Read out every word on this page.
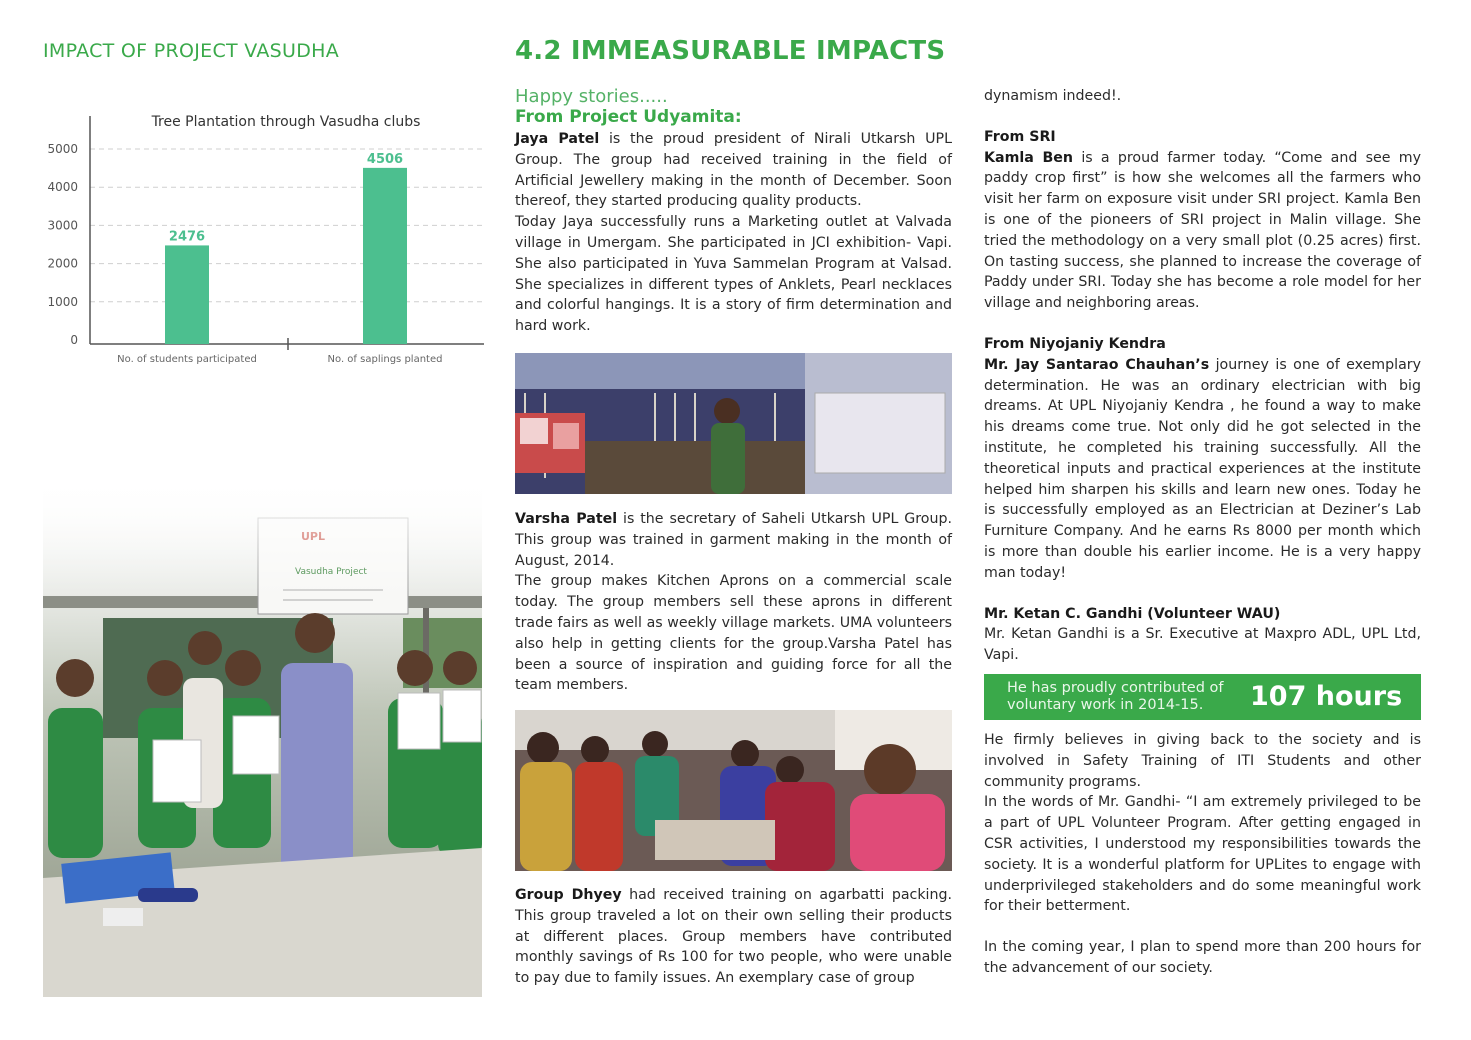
IMPACT OF PROJECT VASUDHA
Tree Plantation through Vasudha clubs
0
1000
2000
3000
4000
5000
2476
4506
No. of students participated	No. of saplings planted
4.2 IMMEASURABLE IMPACTS
Happy stories.....
From Project Udyamita:

Jaya Patel is the proud president of Nirali Utkarsh UPL Group. The group had received training in the field of Artificial Jewellery making in the month of December. Soon thereof, they started producing quality products.

Today Jaya successfully runs a Marketing outlet at Valvada village in Umergam. She participated in JCI exhibition- Vapi. She also participated in Yuva Sammelan Program at Valsad. She specializes in different types of Anklets, Pearl necklaces and colorful hangings. It is a story of firm determination and hard work.

Varsha Patel is the secretary of Saheli Utkarsh UPL Group. This group was trained in garment making in the month of August, 2014.

The group makes Kitchen Aprons on a commercial scale today. The group members sell these aprons in different trade fairs as well as weekly village markets. UMA volunteers also help in getting clients for the group.Varsha Patel has been a source of inspiration and guiding force for all the team members.

Group Dhyey had received training on agarbatti packing. This group traveled a lot on their own selling their products at different places. Group members have contributed monthly savings of Rs 100 for two people, who were unable to pay due to family issues. An exemplary case of group

dynamism indeed!.

From SRI

Kamla Ben is a proud farmer today. “Come and see my paddy crop first” is how she welcomes all the farmers who visit her farm on exposure visit under SRI project. Kamla Ben is one of the pioneers of SRI project in Malin village. She tried the methodology on a very small plot (0.25 acres) first. On tasting success, she planned to increase the coverage of Paddy under SRI. Today she has become a role model for her village and neighboring areas.

From Niyojaniy Kendra

Mr. Jay Santarao Chauhan’s journey is one of exemplary determination. He was an ordinary electrician with big dreams. At UPL Niyojaniy Kendra , he found a way to make his dreams come true. Not only did he got selected in the institute, he completed his training successfully. All the theoretical inputs and practical experiences at the institute helped him sharpen his skills and learn new ones. Today he is successfully employed as an Electrician at Deziner’s Lab Furniture Company. And he earns Rs 8000 per month which is more than double his earlier income. He is a very happy man today!

Mr. Ketan C. Gandhi (Volunteer WAU)

Mr. Ketan Gandhi is a Sr. Executive at Maxpro ADL, UPL Ltd, Vapi.

He has proudly contributed of voluntary work in 2014-15.	107 hours

He firmly believes in giving back to the society and is involved in Safety Training of ITI Students and other community programs.

In the words of Mr. Gandhi- “I am extremely privileged to be a part of UPL Volunteer Program. After getting engaged in CSR activities, I understood my responsibilities towards the society. It is a wonderful platform for UPLites to engage with underprivileged stakeholders and do some meaningful work for their betterment.

In the coming year, I plan to spend more than 200 hours for the advancement of our society.
